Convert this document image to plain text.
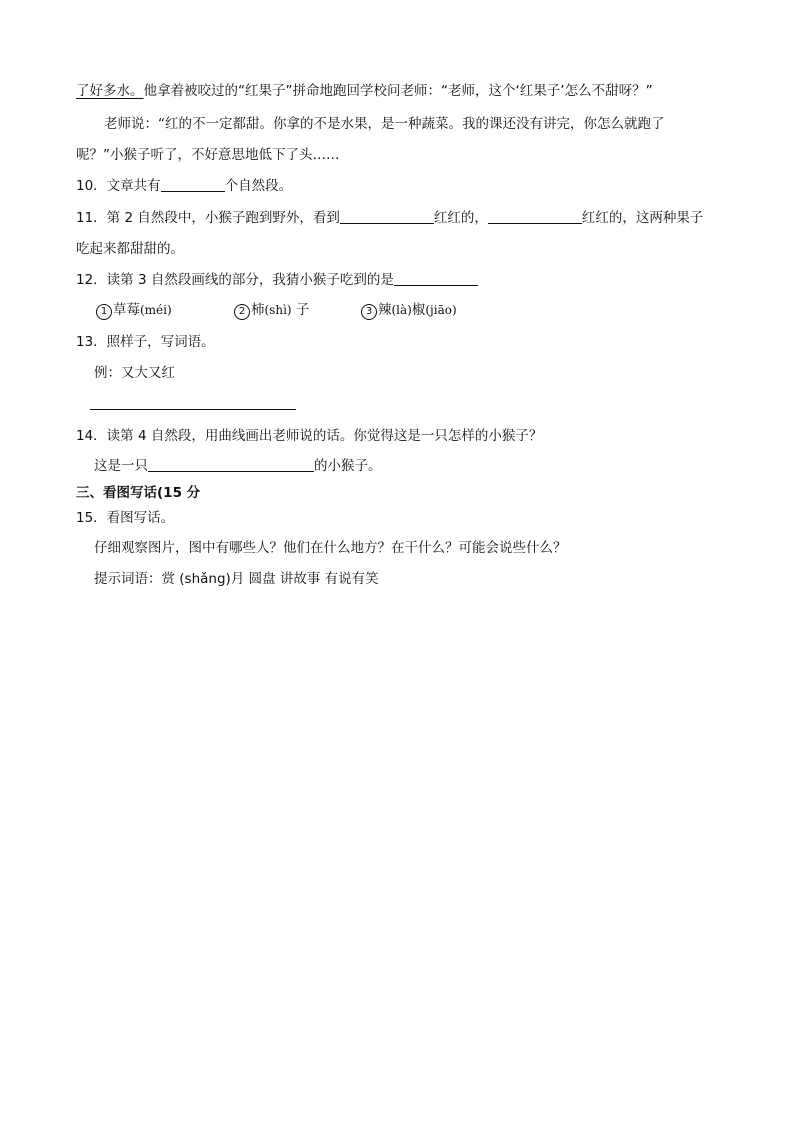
了好多水。他拿着被咬过的“红果子”拼命地跑回学校问老师：“老师，这个‘红果子’怎么不甜呀？”
老师说：“红的不一定都甜。你拿的不是水果，是一种蔬菜。我的课还没有讲完，你怎么就跑了
呢？”小猴子听了，不好意思地低下了头……
10．文章共有	个自然段。
11．第 2 自然段中，小猴子跑到野外，看到	红红的，	红红的，这两种果子
吃起来都甜甜的。
12．读第 3 自然段画线的部分，我猜小猴子吃到的是
1 草莓(méi)	2 柿(shì) 子	3 辣(là)椒(jiāo)
13．照样子，写词语。
例：又大又红
14．读第 4 自然段，用曲线画出老师说的话。你觉得这是一只怎样的小猴子？
这是一只	的小猴子。
三、看图写话(15 分
15．看图写话。
仔细观察图片，图中有哪些人？他们在什么地方？在干什么？可能会说些什么？
提示词语：赏 (shǎng)月 圆盘 讲故事 有说有笑
